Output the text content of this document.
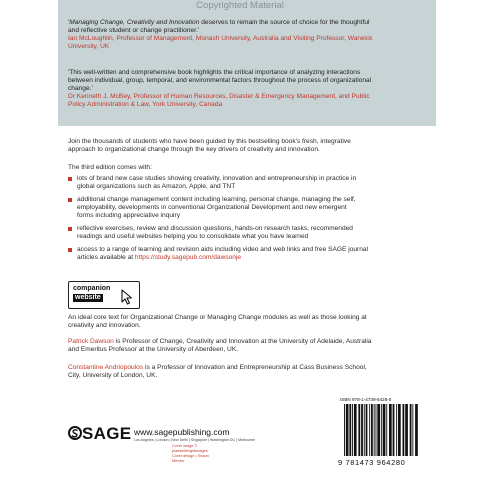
Copyrighted Material
'Managing Change, Creativity and Innovation deserves to remain the source of choice for the thoughtful
and reflective student or change practitioner.'
Ian McLoughlin, Professor of Management, Monash University, Australia and Visiting Professor, Warwick
University, UK
'This well-written and comprehensive book highlights the critical importance of analyzing interactions
between individual, group, temporal, and environmental factors throughout the process of organizational
change.'
Dr Kenneth J. McBey, Professor of Human Resources, Disaster & Emergency Management, and Public
Policy Administration & Law, York University, Canada
Join the thousands of students who have been guided by this bestselling book's fresh, integrative
approach to organizational change through the key drivers of creativity and innovation.
The third edition comes with:
lots of brand new case studies showing creativity, innovation and entrepreneurship in practice in
global organizations such as Amazon, Apple, and TNT
additional change management content including learning, personal change, managing the self,
employability, developments in conventional Organizational Development and new emergent
forms including appreciative inquiry
reflective exercises, review and discussion questions, hands-on research tasks, recommended
readings and useful websites helping you to consolidate what you have learned
access to a range of learning and revision aids including video and web links and free SAGE journal
articles available at https://study.sagepub.com/dawsonje
companion
website
An ideal core text for Organizational Change or Managing Change modules as well as those looking at
creativity and innovation.
Patrick Dawson is Professor of Change, Creativity and Innovation at the University of Adelaide, Australia
and Emeritus Professor at the University of Aberdeen, UK.
Constantine Andriopoulos is a Professor of Innovation and Entrepreneurship at Cass Business School,
City, University of London, UK.
SAGE www.sagepublishing.com
Los Angeles | London | New Delhi | Singapore | Washington DC | Melbourne
Cover image © plainkeller/getimages
Cover design • Shaun Mercier
ISBN 978-1-4739-6428-0
9 781473 964280
